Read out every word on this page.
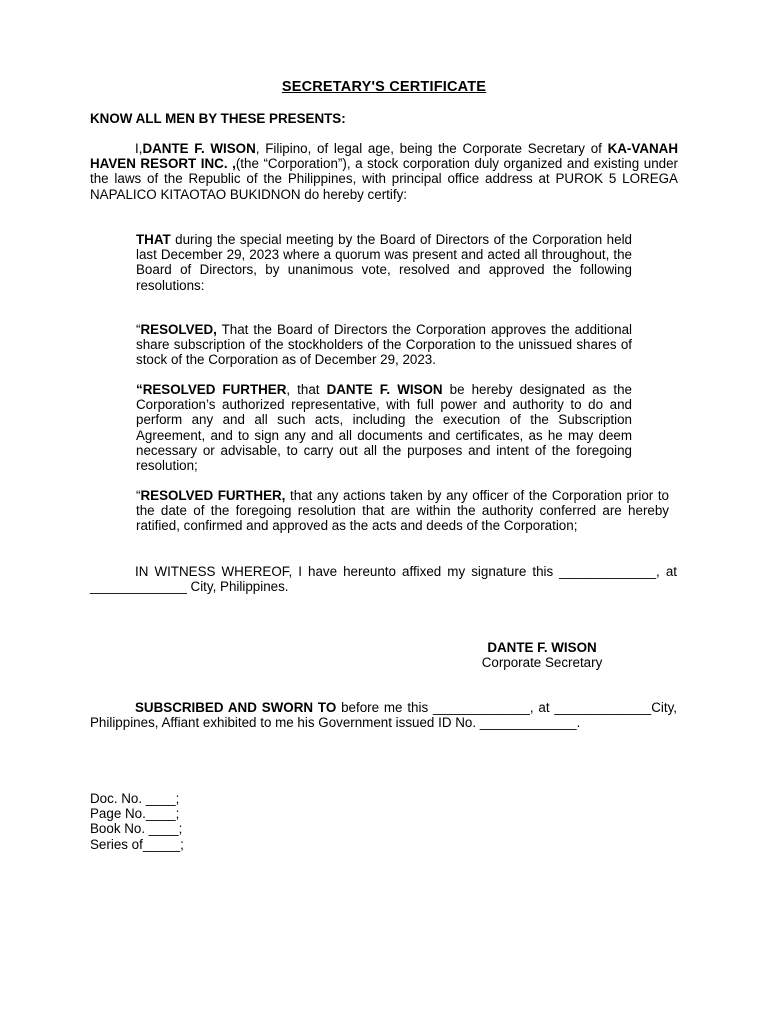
SECRETARY'S CERTIFICATE
KNOW ALL MEN BY THESE PRESENTS:
I,DANTE F. WISON, Filipino, of legal age, being the Corporate Secretary of KA-VANAH HAVEN RESORT INC. ,(the “Corporation”), a stock corporation duly organized and existing under the laws of the Republic of the Philippines, with principal office address at PUROK 5 LOREGA NAPALICO KITAOTAO BUKIDNON do hereby certify:
THAT during the special meeting by the Board of Directors of the Corporation held last December 29, 2023 where a quorum was present and acted all throughout, the Board of Directors, by unanimous vote, resolved and approved the following resolutions:
“RESOLVED, That the Board of Directors the Corporation approves the additional share subscription of the stockholders of the Corporation to the unissued shares of stock of the Corporation as of December 29, 2023.
“RESOLVED FURTHER, that DANTE F. WISON be hereby designated as the Corporation’s authorized representative, with full power and authority to do and perform any and all such acts, including the execution of the Subscription Agreement, and to sign any and all documents and certificates, as he may deem necessary or advisable, to carry out all the purposes and intent of the foregoing resolution;
“RESOLVED FURTHER, that any actions taken by any officer of the Corporation prior to the date of the foregoing resolution that are within the authority conferred are hereby ratified, confirmed and approved as the acts and deeds of the Corporation;
IN WITNESS WHEREOF, I have hereunto affixed my signature this _____________, at _____________ City, Philippines.
DANTE F. WISON
Corporate Secretary
SUBSCRIBED AND SWORN TO before me this _____________, at _____________City, Philippines, Affiant exhibited to me his Government issued ID No. _____________.
Doc. No. ____;
Page No.____;
Book No. ____;
Series of_____;
